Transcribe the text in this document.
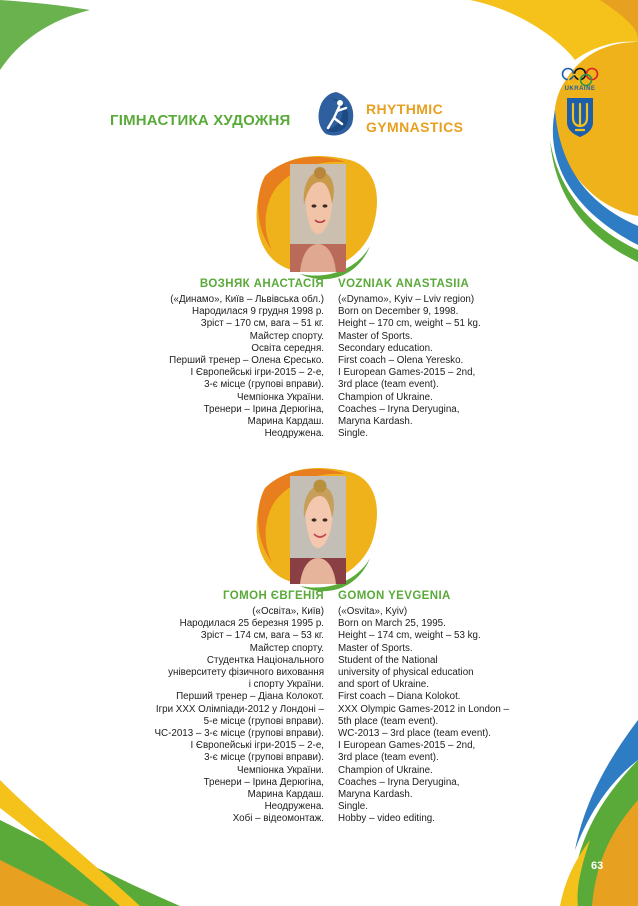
ГІМНАСТИКА ХУДОЖНЯ
RHYTHMIC
GYMNASTICS
UKRAINE
ВОЗНЯК АНАСТАСІЯ VOZNIAK ANASTASIIA
(«Динамо», Київ – Львівська обл.)
Народилася 9 грудня 1998 р.
Зріст – 170 см, вага – 51 кг.
Майстер спорту.
Освіта середня.
Перший тренер – Олена Єресько.
I Європейські ігри-2015 – 2-е,
3-є місце (групові вправи).
Чемпіонка України.
Тренери – Ірина Дерюгіна,
Марина Кардаш.
Неодружена.
(«Dynamo», Kyiv – Lviv region)
Born on December 9, 1998.
Height – 170 cm, weight – 51 kg.
Master of Sports.
Secondary education.
First coach – Olena Yeresko.
I European Games-2015 – 2nd,
3rd place (team event).
Champion of Ukraine.
Coaches – Iryna Deryugina,
Maryna Kardash.
Single.
ГОМОН ЄВГЕНІЯ GOMON YEVGENIA
(«Освіта», Київ)
Народилася 25 березня 1995 р.
Зріст – 174 см, вага – 53 кг.
Майстер спорту.
Студентка Національного
університету фізичного виховання
і спорту України.
Перший тренер – Діана Колокот.
Ігри XXX Олімпіади-2012 у Лондоні –
5-е місце (групові вправи).
ЧС-2013 – 3-є місце (групові вправи).
I Європейські ігри-2015 – 2-е,
3-є місце (групові вправи).
Чемпіонка України.
Тренери – Ірина Дерюгіна,
Марина Кардаш.
Неодружена.
Хобі – відеомонтаж.
(«Osvita», Kyiv)
Born on March 25, 1995.
Height – 174 cm, weight – 53 kg.
Master of Sports.
Student of the National
university of physical education
and sport of Ukraine.
First coach – Diana Kolokot.
XXX Olympic Games-2012 in London –
5th place (team event).
WC-2013 – 3rd place (team event).
I European Games-2015 – 2nd,
3rd place (team event).
Champion of Ukraine.
Coaches – Iryna Deryugina,
Maryna Kardash.
Single.
Hobby – video editing.
63
